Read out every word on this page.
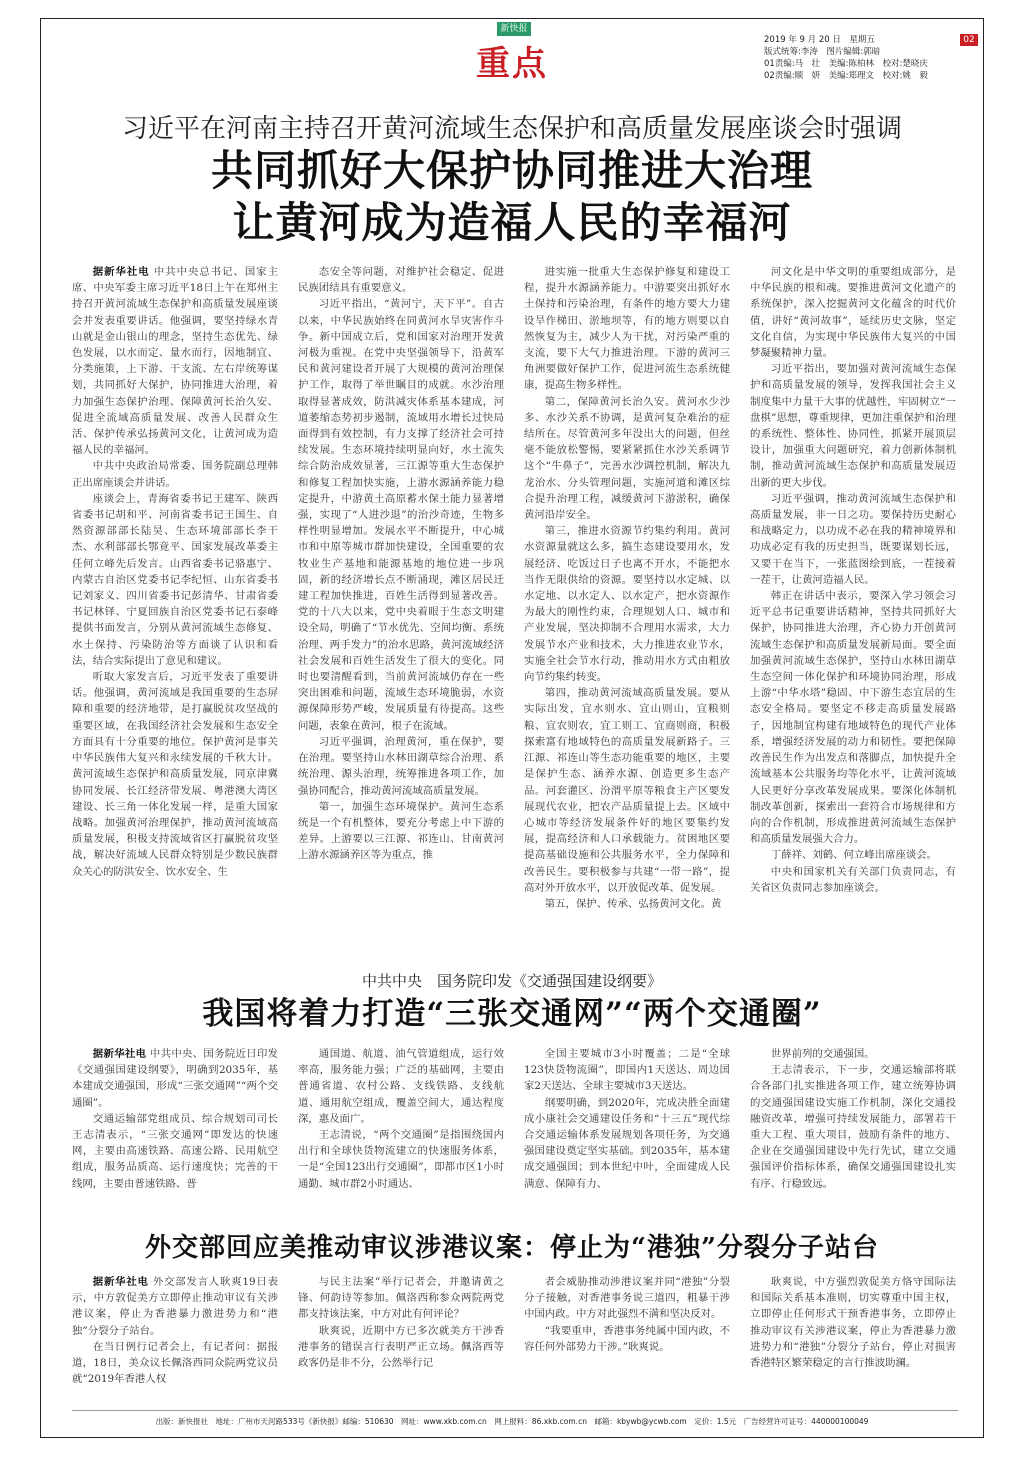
新快报
重点
2019 年 9 月 20 日　星期五
版式统筹:李涛　图片编辑:郭暗
01责编:马　壮　美编:陈柏林　校对:楚晓庆
02责编:顺　妍　美编:郑理文　校对:姚　毅
02
习近平在河南主持召开黄河流域生态保护和高质量发展座谈会时强调
共同抓好大保护协同推进大治理
让黄河成为造福人民的幸福河

据新华社电 中共中央总书记、国家主席、中央军委主席习近平18日上午在郑州主持召开黄河流域生态保护和高质量发展座谈会并发表重要讲话。他强调，要坚持绿水青山就是金山银山的理念，坚持生态优先、绿色发展，以水而定、量水而行，因地制宜、分类施策，上下游、干支流、左右岸统筹谋划，共同抓好大保护，协同推进大治理，着力加强生态保护治理、保障黄河长治久安、促进全流域高质量发展、改善人民群众生活、保护传承弘扬黄河文化，让黄河成为造福人民的幸福河。

中共中央政治局常委、国务院副总理韩正出席座谈会并讲话。

座谈会上，青海省委书记王建军、陕西省委书记胡和平、河南省委书记王国生、自然资源部部长陆昊、生态环境部部长李干杰、水利部部长鄂竟平、国家发展改革委主任何立峰先后发言。山西省委书记骆惠宁、内蒙古自治区党委书记李纪恒、山东省委书记刘家义、四川省委书记彭清华、甘肃省委书记林铎、宁夏回族自治区党委书记石泰峰提供书面发言，分别从黄河流域生态修复、水土保持、污染防治等方面谈了认识和看法，结合实际提出了意见和建议。

听取大家发言后，习近平发表了重要讲话。他强调，黄河流域是我国重要的生态屏障和重要的经济地带，是打赢脱贫攻坚战的重要区域，在我国经济社会发展和生态安全方面具有十分重要的地位。保护黄河是事关中华民族伟大复兴和永续发展的千秋大计。黄河流域生态保护和高质量发展，同京津冀协同发展、长江经济带发展、粤港澳大湾区建设、长三角一体化发展一样，是重大国家战略。加强黄河治理保护，推动黄河流域高质量发展，积极支持流域省区打赢脱贫攻坚战，解决好流域人民群众特别是少数民族群众关心的防洪安全、饮水安全、生

态安全等问题，对维护社会稳定、促进民族团结具有重要意义。

习近平指出，“黄河宁，天下平”。自古以来，中华民族始终在同黄河水旱灾害作斗争。新中国成立后，党和国家对治理开发黄河极为重视。在党中央坚强领导下，沿黄军民和黄河建设者开展了大规模的黄河治理保护工作，取得了举世瞩目的成就。水沙治理取得显著成效，防洪减灾体系基本建成，河道萎缩态势初步遏制，流域用水增长过快局面得到有效控制，有力支撑了经济社会可持续发展。生态环境持续明显向好，水土流失综合防治成效显著，三江源等重大生态保护和修复工程加快实施，上游水源涵养能力稳定提升，中游黄土高原蓄水保土能力显著增强，实现了“人进沙退”的治沙奇迹，生物多样性明显增加。发展水平不断提升，中心城市和中原等城市群加快建设，全国重要的农牧业生产基地和能源基地的地位进一步巩固，新的经济增长点不断涌现，滩区居民迁建工程加快推进，百姓生活得到显著改善。党的十八大以来，党中央着眼于生态文明建设全局，明确了“节水优先、空间均衡、系统治理、两手发力”的治水思路，黄河流域经济社会发展和百姓生活发生了很大的变化。同时也要清醒看到，当前黄河流域仍存在一些突出困难和问题，流域生态环境脆弱，水资源保障形势严峻，发展质量有待提高。这些问题，表象在黄河，根子在流域。

习近平强调，治理黄河，重在保护，要在治理。要坚持山水林田湖草综合治理、系统治理、源头治理，统筹推进各项工作，加强协同配合，推动黄河流域高质量发展。

第一，加强生态环境保护。黄河生态系统是一个有机整体，要充分考虑上中下游的差异。上游要以三江源、祁连山、甘南黄河上游水源涵养区等为重点，推

进实施一批重大生态保护修复和建设工程，提升水源涵养能力。中游要突出抓好水土保持和污染治理，有条件的地方要大力建设旱作梯田、淤地坝等，有的地方则要以自然恢复为主，减少人为干扰，对污染严重的支流，要下大气力推进治理。下游的黄河三角洲要做好保护工作，促进河流生态系统健康，提高生物多样性。

第二，保障黄河长治久安。黄河水少沙多、水沙关系不协调，是黄河复杂难治的症结所在。尽管黄河多年没出大的问题，但丝毫不能放松警惕，要紧紧抓住水沙关系调节这个“牛鼻子”，完善水沙调控机制，解决九龙治水、分头管理问题，实施河道和滩区综合提升治理工程，减缓黄河下游淤积，确保黄河沿岸安全。

第三，推进水资源节约集约利用。黄河水资源量就这么多，搞生态建设要用水，发展经济、吃饭过日子也离不开水，不能把水当作无限供给的资源。要坚持以水定城、以水定地、以水定人、以水定产，把水资源作为最大的刚性约束，合理规划人口、城市和产业发展，坚决抑制不合理用水需求，大力发展节水产业和技术，大力推进农业节水，实施全社会节水行动，推动用水方式由粗放向节约集约转变。

第四，推动黄河流域高质量发展。要从实际出发，宜水则水、宜山则山，宜粮则粮、宜农则农，宜工则工、宜商则商，积极探索富有地域特色的高质量发展新路子。三江源、祁连山等生态功能重要的地区，主要是保护生态、涵养水源、创造更多生态产品。河套灌区、汾渭平原等粮食主产区要发展现代农业，把农产品质量提上去。区域中心城市等经济发展条件好的地区要集约发展，提高经济和人口承载能力。贫困地区要提高基础设施和公共服务水平，全力保障和改善民生。要积极参与共建“一带一路”，提高对外开放水平，以开放促改革、促发展。

第五，保护、传承、弘扬黄河文化。黄

河文化是中华文明的重要组成部分，是中华民族的根和魂。要推进黄河文化遗产的系统保护，深入挖掘黄河文化蕴含的时代价值，讲好“黄河故事”，延续历史文脉，坚定文化自信，为实现中华民族伟大复兴的中国梦凝聚精神力量。

习近平指出，要加强对黄河流域生态保护和高质量发展的领导，发挥我国社会主义制度集中力量干大事的优越性，牢固树立“一盘棋”思想，尊重规律，更加注重保护和治理的系统性、整体性、协同性，抓紧开展顶层设计，加强重大问题研究，着力创新体制机制，推动黄河流域生态保护和高质量发展迈出新的更大步伐。

习近平强调，推动黄河流域生态保护和高质量发展，非一日之功。要保持历史耐心和战略定力，以功成不必在我的精神境界和功成必定有我的历史担当，既要谋划长远，又要干在当下，一张蓝图绘到底，一茬接着一茬干，让黄河造福人民。

韩正在讲话中表示，要深入学习领会习近平总书记重要讲话精神，坚持共同抓好大保护，协同推进大治理，齐心协力开创黄河流域生态保护和高质量发展新局面。要全面加强黄河流域生态保护，坚持山水林田湖草生态空间一体化保护和环境协同治理，形成上游“中华水塔”稳固、中下游生态宜居的生态安全格局。要坚定不移走高质量发展路子，因地制宜构建有地域特色的现代产业体系，增强经济发展的动力和韧性。要把保障改善民生作为出发点和落脚点，加快提升全流域基本公共服务均等化水平，让黄河流域人民更好分享改革发展成果。要深化体制机制改革创新，探索出一套符合市场规律和方向的合作机制，形成推进黄河流域生态保护和高质量发展强大合力。

丁薛祥、刘鹤、何立峰出席座谈会。

中央和国家机关有关部门负责同志，有关省区负责同志参加座谈会。

中共中央　国务院印发《交通强国建设纲要》
我国将着力打造“三张交通网”“两个交通圈”

据新华社电 中共中央、国务院近日印发《交通强国建设纲要》，明确到2035年，基本建成交通强国，形成“三张交通网”“两个交通圈”。

交通运输部党组成员、综合规划司司长王志清表示，“三张交通网”即发达的快速网，主要由高速铁路、高速公路、民用航空组成，服务品质高、运行速度快；完善的干线网，主要由普速铁路、普

通国道、航道、油气管道组成，运行效率高，服务能力强；广泛的基础网，主要由普通省道、农村公路、支线铁路、支线航道、通用航空组成，覆盖空间大，通达程度深，惠及面广。

王志清说，“两个交通圈”是指围绕国内出行和全球快货物流建立的快速服务体系，一是“全国123出行交通圈”，即都市区1小时通勤、城市群2小时通达、

全国主要城市3小时覆盖；二是“全球123快货物流圈”，即国内1天送达、周边国家2天送达、全球主要城市3天送达。

纲要明确，到2020年，完成决胜全面建成小康社会交通建设任务和“十三五”现代综合交通运输体系发展规划各项任务，为交通强国建设奠定坚实基础。到2035年，基本建成交通强国；到本世纪中叶，全面建成人民满意、保障有力、

世界前列的交通强国。

王志清表示，下一步，交通运输部将联合各部门扎实推进各项工作，建立统筹协调的交通强国建设实施工作机制，深化交通投融资改革，增强可持续发展能力，部署若干重大工程、重大项目，鼓励有条件的地方、企业在交通强国建设中先行先试，建立交通强国评价指标体系，确保交通强国建设扎实有序、行稳致远。

外交部回应美推动审议涉港议案：停止为“港独”分裂分子站台

据新华社电 外交部发言人耿爽19日表示，中方敦促美方立即停止推动审议有关涉港议案，停止为香港暴力激进势力和“港独”分裂分子站台。

在当日例行记者会上，有记者问：据报道，18日，美众议长佩洛西同众院两党议员就“2019年香港人权

与民主法案”举行记者会，并邀请黄之锋、何韵诗等参加。佩洛西称参众两院两党都支持该法案，中方对此有何评论？

耿爽说，近期中方已多次就美方干涉香港事务的错误言行表明严正立场。佩洛西等政客仍是非不分，公然举行记

者会威胁推动涉港议案并同“港独”分裂分子接触，对香港事务说三道四，粗暴干涉中国内政。中方对此强烈不满和坚决反对。

“我要重申，香港事务纯属中国内政，不容任何外部势力干涉。”耿爽说。

耿爽说，中方强烈敦促美方恪守国际法和国际关系基本准则，切实尊重中国主权，立即停止任何形式干预香港事务，立即停止推动审议有关涉港议案，停止为香港暴力激进势力和“港独”分裂分子站台，停止对损害香港特区繁荣稳定的言行推波助澜。

出版：新快报社　地址：广州市天河路533号《新快报》邮编：510630　网址：www.xkb.com.cn　网上报料：86.xkb.com.cn　邮箱：kbywb@ycwb.com　定价：1.5元　广告经营许可证号：440000100049
